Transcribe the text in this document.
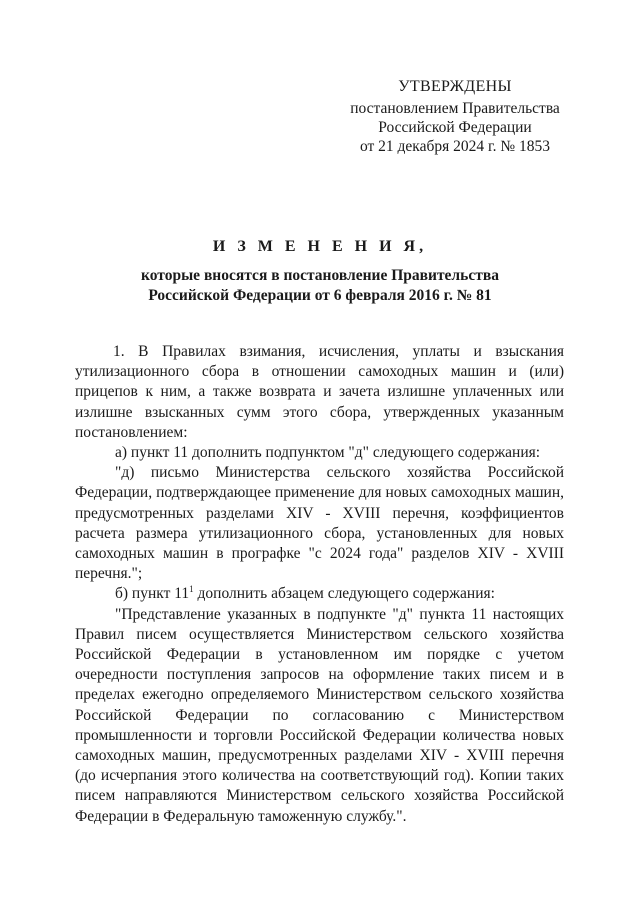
УТВЕРЖДЕНЫ
постановлением Правительства
Российской Федерации
от 21 декабря 2024 г. № 1853
И З М Е Н Е Н И Я,
которые вносятся в постановление Правительства
Российской Федерации от 6 февраля 2016 г. № 81

1. В Правилах взимания, исчисления, уплаты и взыскания утилизационного сбора в отношении самоходных машин и (или) прицепов к ним, а также возврата и зачета излишне уплаченных или излишне взысканных сумм этого сбора, утвержденных указанным постановлением:

а) пункт 11 дополнить подпунктом "д" следующего содержания:

"д) письмо Министерства сельского хозяйства Российской Федерации, подтверждающее применение для новых самоходных машин, предусмотренных разделами XIV - XVIII перечня, коэффициентов расчета размера утилизационного сбора, установленных для новых самоходных машин в прографке "с 2024 года" разделов XIV - XVIII перечня.";

б) пункт $11^1$ дополнить абзацем следующего содержания:

"Представление указанных в подпункте "д" пункта 11 настоящих Правил писем осуществляется Министерством сельского хозяйства Российской Федерации в установленном им порядке с учетом очередности поступления запросов на оформление таких писем и в пределах ежегодно определяемого Министерством сельского хозяйства Российской Федерации по согласованию с Министерством промышленности и торговли Российской Федерации количества новых самоходных машин, предусмотренных разделами XIV - XVIII перечня (до исчерпания этого количества на соответствующий год). Копии таких писем направляются Министерством сельского хозяйства Российской Федерации в Федеральную таможенную службу.".
